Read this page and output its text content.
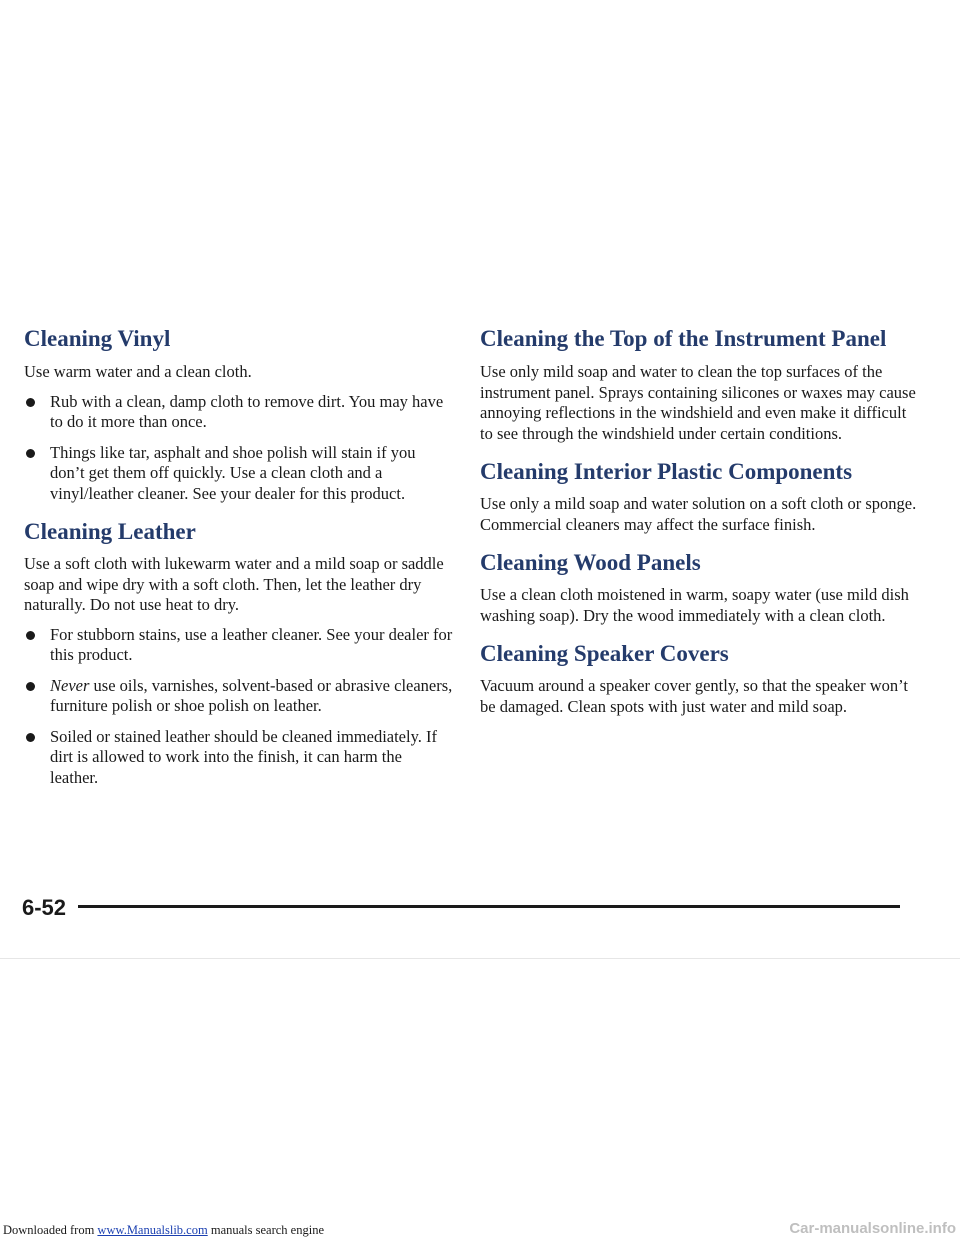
Cleaning Vinyl

Use warm water and a clean cloth.

Rub with a clean, damp cloth to remove dirt. You may have to do it more than once.
Things like tar, asphalt and shoe polish will stain if you don’t get them off quickly. Use a clean cloth and a vinyl/leather cleaner. See your dealer for this product.
Cleaning Leather

Use a soft cloth with lukewarm water and a mild soap or saddle soap and wipe dry with a soft cloth. Then, let the leather dry naturally. Do not use heat to dry.

For stubborn stains, use a leather cleaner. See your dealer for this product.
Never use oils, varnishes, solvent-based or abrasive cleaners, furniture polish or shoe polish on leather.
Soiled or stained leather should be cleaned immediately. If dirt is allowed to work into the finish, it can harm the leather.
Cleaning the Top of the Instrument Panel

Use only mild soap and water to clean the top surfaces of the instrument panel. Sprays containing silicones or waxes may cause annoying reflections in the windshield and even make it difficult to see through the windshield under certain conditions.

Cleaning Interior Plastic Components

Use only a mild soap and water solution on a soft cloth or sponge. Commercial cleaners may affect the surface finish.

Cleaning Wood Panels

Use a clean cloth moistened in warm, soapy water (use mild dish washing soap). Dry the wood immediately with a clean cloth.

Cleaning Speaker Covers

Vacuum around a speaker cover gently, so that the speaker won’t be damaged. Clean spots with just water and mild soap.

6-52
Downloaded from www.Manualslib.com manuals search engine	Car-manualsonline.info
